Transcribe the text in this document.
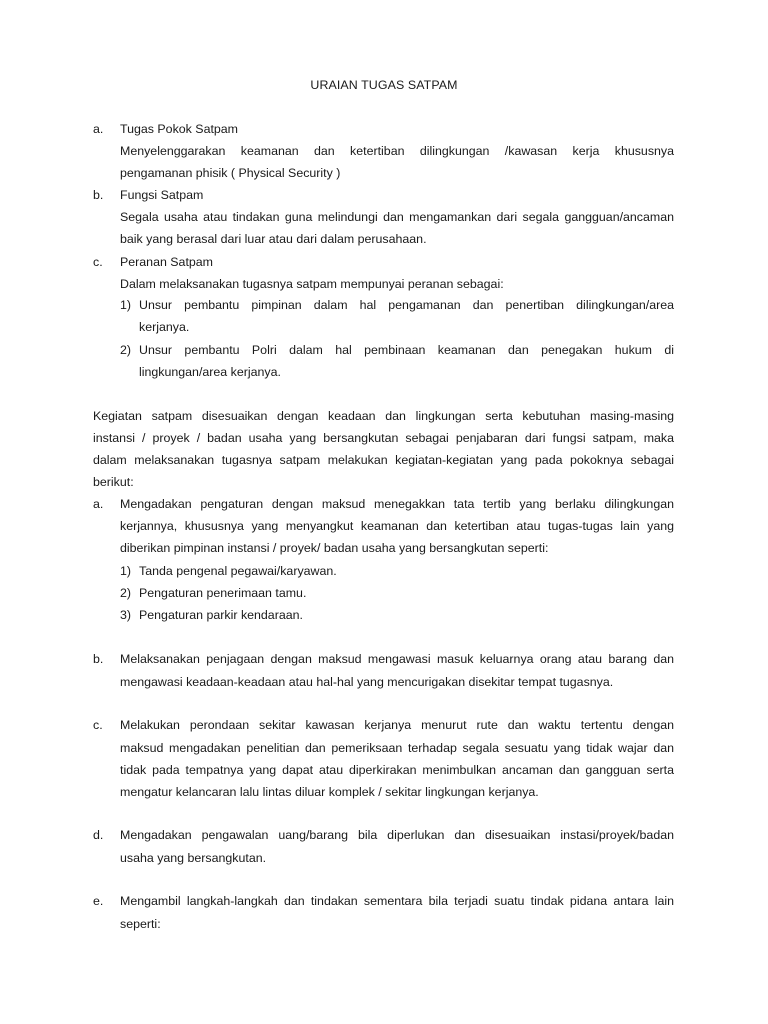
URAIAN TUGAS SATPAM
a. Tugas Pokok Satpam
Menyelenggarakan keamanan dan ketertiban dilingkungan /kawasan kerja khususnya
pengamanan phisik ( Physical Security )
b. Fungsi Satpam
Segala usaha atau tindakan guna melindungi dan mengamankan dari segala gangguan/ancaman
baik yang berasal dari luar atau dari dalam perusahaan.
c. Peranan Satpam
Dalam melaksanakan tugasnya satpam mempunyai peranan sebagai:
1) Unsur pembantu pimpinan dalam hal pengamanan dan penertiban dilingkungan/area
kerjanya.
2) Unsur pembantu Polri dalam hal pembinaan keamanan dan penegakan hukum di
lingkungan/area kerjanya.
Kegiatan satpam disesuaikan dengan keadaan dan lingkungan serta kebutuhan masing-masing
instansi / proyek / badan usaha yang bersangkutan sebagai penjabaran dari fungsi satpam, maka
dalam melaksanakan tugasnya satpam melakukan kegiatan-kegiatan yang pada pokoknya sebagai
berikut:
a. Mengadakan pengaturan dengan maksud menegakkan tata tertib yang berlaku dilingkungan
kerjannya, khususnya yang menyangkut keamanan dan ketertiban atau tugas-tugas lain yang
diberikan pimpinan instansi / proyek/ badan usaha yang bersangkutan seperti:
1) Tanda pengenal pegawai/karyawan.
2) Pengaturan penerimaan tamu.
3) Pengaturan parkir kendaraan.
b. Melaksanakan penjagaan dengan maksud mengawasi masuk keluarnya orang atau barang dan
mengawasi keadaan-keadaan atau hal-hal yang mencurigakan disekitar tempat tugasnya.
c. Melakukan perondaan sekitar kawasan kerjanya menurut rute dan waktu tertentu dengan
maksud mengadakan penelitian dan pemeriksaan terhadap segala sesuatu yang tidak wajar dan
tidak pada tempatnya yang dapat atau diperkirakan menimbulkan ancaman dan gangguan serta
mengatur kelancaran lalu lintas diluar komplek / sekitar lingkungan kerjanya.
d. Mengadakan pengawalan uang/barang bila diperlukan dan disesuaikan instasi/proyek/badan
usaha yang bersangkutan.
e. Mengambil langkah-langkah dan tindakan sementara bila terjadi suatu tindak pidana antara lain
seperti:
